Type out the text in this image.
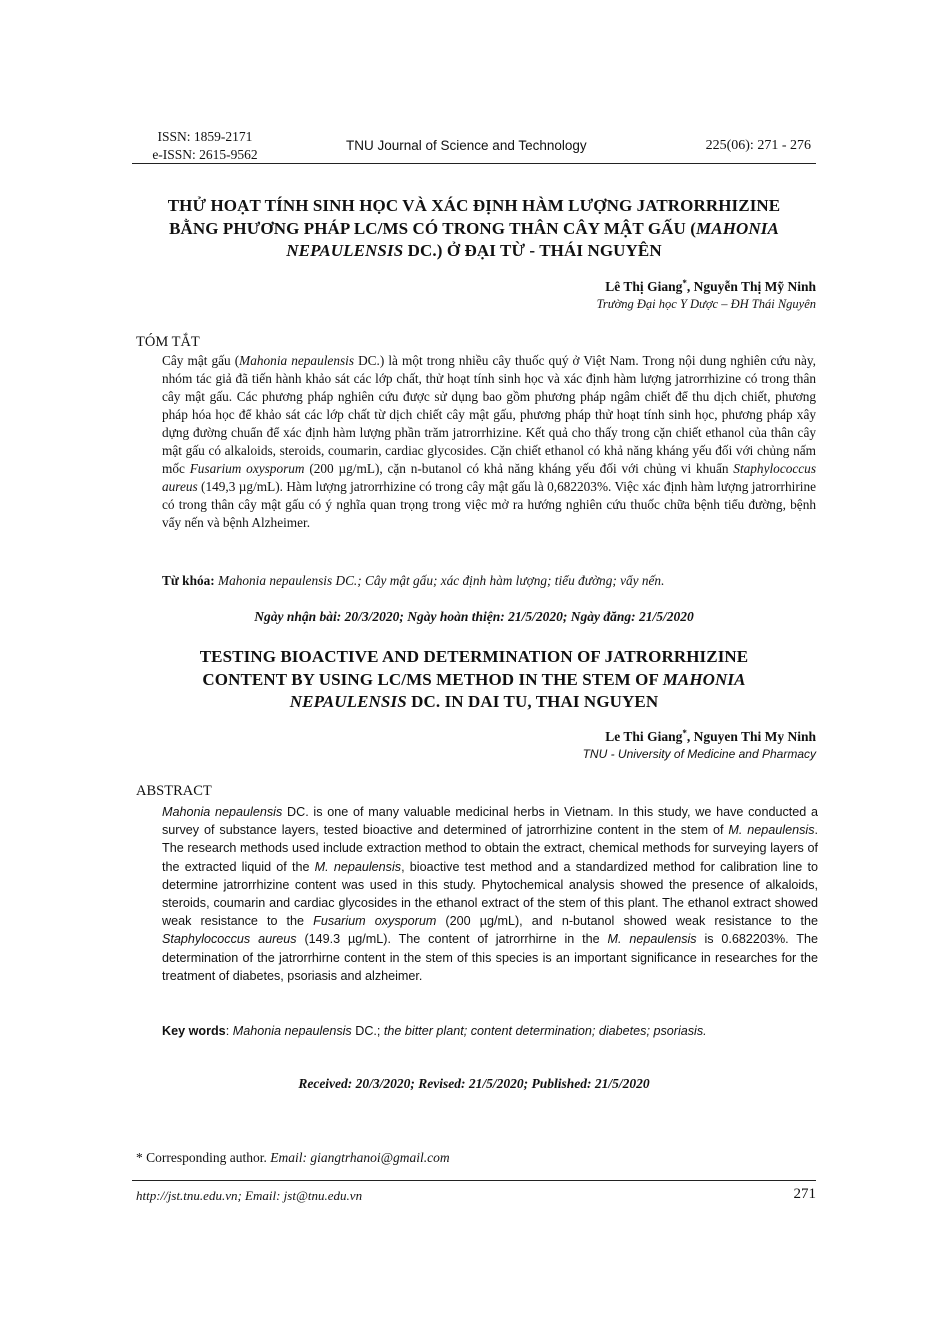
ISSN: 1859-2171
e-ISSN: 2615-9562
TNU Journal of Science and Technology	225(06): 271 - 276
THỬ HOẠT TÍNH SINH HỌC VÀ XÁC ĐỊNH HÀM LƯỢNG JATRORRHIZINE
BẰNG PHƯƠNG PHÁP LC/MS CÓ TRONG THÂN CÂY MẬT GẤU (MAHONIA
NEPAULENSIS DC.) Ở ĐẠI TỪ - THÁI NGUYÊN
Lê Thị Giang*, Nguyễn Thị Mỹ Ninh
Trường Đại học Y Dược – ĐH Thái Nguyên
TÓM TẮT
Cây mật gấu (Mahonia nepaulensis DC.) là một trong nhiều cây thuốc quý ở Việt Nam. Trong nội dung nghiên cứu này, nhóm tác giả đã tiến hành khảo sát các lớp chất, thử hoạt tính sinh học và xác định hàm lượng jatrorrhizine có trong thân cây mật gấu. Các phương pháp nghiên cứu được sử dụng bao gồm phương pháp ngâm chiết để thu dịch chiết, phương pháp hóa học để khảo sát các lớp chất từ dịch chiết cây mật gấu, phương pháp thử hoạt tính sinh học, phương pháp xây dựng đường chuẩn để xác định hàm lượng phần trăm jatrorrhizine. Kết quả cho thấy trong cặn chiết ethanol của thân cây mật gấu có alkaloids, steroids, coumarin, cardiac glycosides. Cặn chiết ethanol có khả năng kháng yếu đối với chủng nấm mốc Fusarium oxysporum (200 µg/mL), cặn n-butanol có khả năng kháng yếu đối với chủng vi khuẩn Staphylococcus aureus (149,3 µg/mL). Hàm lượng jatrorrhizine có trong cây mật gấu là 0,682203%. Việc xác định hàm lượng jatrorrhirine có trong thân cây mật gấu có ý nghĩa quan trọng trong việc mở ra hướng nghiên cứu thuốc chữa bệnh tiểu đường, bệnh vẩy nến và bệnh Alzheimer.
Từ khóa: Mahonia nepaulensis DC.; Cây mật gấu; xác định hàm lượng; tiểu đường; vẩy nến.
Ngày nhận bài: 20/3/2020; Ngày hoàn thiện: 21/5/2020; Ngày đăng: 21/5/2020
TESTING BIOACTIVE AND DETERMINATION OF JATRORRHIZINE
CONTENT BY USING LC/MS METHOD IN THE STEM OF MAHONIA
NEPAULENSIS DC. IN DAI TU, THAI NGUYEN
Le Thi Giang*, Nguyen Thi My Ninh
TNU - University of Medicine and Pharmacy
ABSTRACT
Mahonia nepaulensis DC. is one of many valuable medicinal herbs in Vietnam. In this study, we have conducted a survey of substance layers, tested bioactive and determined of jatrorrhizine content in the stem of M. nepaulensis. The research methods used include extraction method to obtain the extract, chemical methods for surveying layers of the extracted liquid of the M. nepaulensis, bioactive test method and a standardized method for calibration line to determine jatrorrhizine content was used in this study. Phytochemical analysis showed the presence of alkaloids, steroids, coumarin and cardiac glycosides in the ethanol extract of the stem of this plant. The ethanol extract showed weak resistance to the Fusarium oxysporum (200 µg/mL), and n-butanol showed weak resistance to the Staphylococcus aureus (149.3 µg/mL). The content of jatrorrhirne in the M. nepaulensis is 0.682203%. The determination of the jatrorrhirne content in the stem of this species is an important significance in researches for the treatment of diabetes, psoriasis and alzheimer.
Key words: Mahonia nepaulensis DC.; the bitter plant; content determination; diabetes; psoriasis.
Received: 20/3/2020; Revised: 21/5/2020; Published: 21/5/2020
* Corresponding author. Email: giangtrhanoi@gmail.com
http://jst.tnu.edu.vn; Email: jst@tnu.edu.vn	271
